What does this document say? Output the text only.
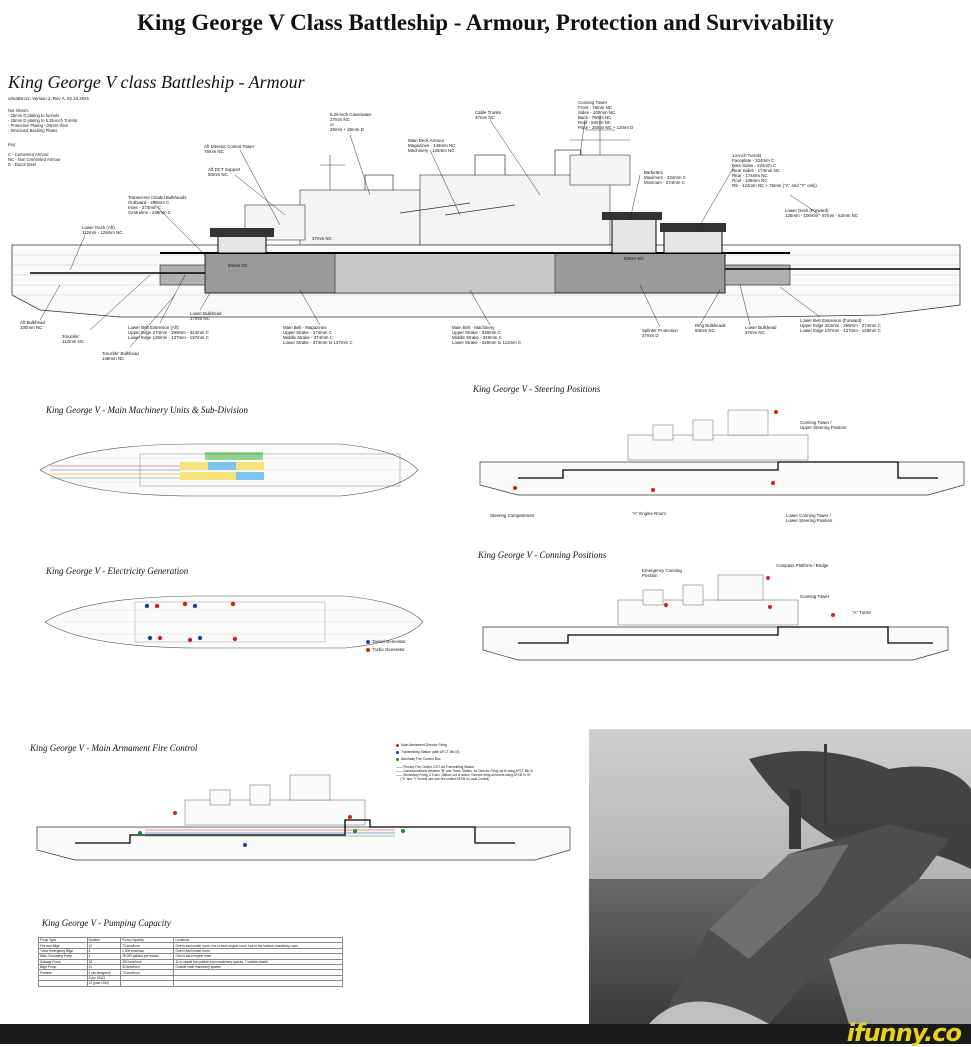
King George V Class Battleship - Armour, Protection and Survivability
King George V class Battleship - Armour
u/mattsn12. Version 2, Rev A. 02.10.2021
Not shown:
- 25mm D plating to funnels
- 25mm D plating to 5.25-inch Turrets
- Protective Plating <25mm thick
- Structural Backing Plates
Key:

C - Cemented Armour
NC - Non Cemented Armour
D - Ducol Steel
Conning Tower
Front - 76mm NC
Sides - 100mm NC
Back - 76mm NC
Roof - 50mm NC
Floor - 25mm NC + 12mm D
Cable Trunks
37mm NC
5.25-inch Casemates
37mm NC
or
25mm + 25mm D
Main Deck Armour
Magazines - 149mm NC
Machinery - 125mm NC
Aft Director Control Tower
76mm NC
Aft DCT Support
50mm NC
Transverse Citadel Bulkheads
Outboard - 299mm C
Inner - 274mm C
Centreline - 249mm C
Lower Deck (Aft)
112mm - 125mm NC
Barbettes
Maximum - 324mm C
Minimum - 274mm C
14-inch Turrets
Faceplate - 324mm C
Fore Sides - 224mm C
Rear Sides - 174mm NC
Rear - 174mm NC
Roof - 149mm NC
RS - 124mm NC + 75mm ("A" and "Y" only)
Lower Deck (Forward)
125mm - 100mm - 87mm - 62mm NC
37mm NC
50mm NC
50mm NC
Aft Bulkhead
100mm NC
'Knuckle'
112mm NC
'Knuckle' Bulkhead
149mm NC
Lower Bulkhead
37mm NC
Lower Belt Extension (Aft)
Upper Edge 274mm - 299mm - 324mm C
Lower Edge 125mm - 137mm - 137mm C
Main Belt - Magazines
Upper Strake - 374mm C
Middle Strake - 374mm C
Lower Strake - 374mm to 137mm C
Main Belt - Machinery
Upper Strake - 349mm C
Middle Strake - 349mm C
Lower Strake - 349mm to 112mm C
Splinter Protection
37mm D
Ring Bulkheads
50mm NC
Lower Bulkhead
37mm NC
Lower Belt Extension (Forward)
Upper Edge 324mm - 299mm - 274mm C
Lower Edge 137mm - 137mm - 125mm C
King George V - Main Machinery Units & Sub-Division
King George V - Steering Positions
Conning Tower /
Upper Steering Position
Steering Compartment	"A" Engine Room	Lower Conning Tower /
Lower Steering Position
King George V - Conning Positions
Emergency Conning
Position
Compass Platform / Bridge
Conning Tower
"A" Turret
King George V - Electricity Generation

Diesel Generator

Turbo Generator

King George V - Main Armament Fire Control	Main Armament Director Firing
Transmitting Station (with AFCT Mk IX)
Admiralty Fire Control Box
—— Primary Fire Control, DCT via Transmitting Station
—— Communications between "B" and Trans. Station, for Director Firing via B using AFCT Mk IX
—— Secondary Firing, 4 Trans. Station out of action. Director firing all turrets using AFCB in "B"
("A" and "Y" turrets use own fire-control AFCB in Local Control)
King George V - Pumping Capacity
Pump Type	Number	Pump Capacity	Locations
Fire and Bilge	12	75 tons/hour	One in each boiler room, one in each engine room, four in the harbour machinery room
Turbo Emergency Bilge	4	1,000 tons/hour	One in each boiler room
Main Circulating Pump	4	26,000 gallons per minute	One in each engine room
Salvage Pump	18	350 tons/hour	11 in citadel but outside main machinery spaces, 7 outside citadel
Bilge Pump	11	30 tons/hour	Outside main machinery spaces
Portable	4 (as designed)	75 tons/hour	
	6 (by 1942)		
	12 (post 1942)		
ifunny.co
